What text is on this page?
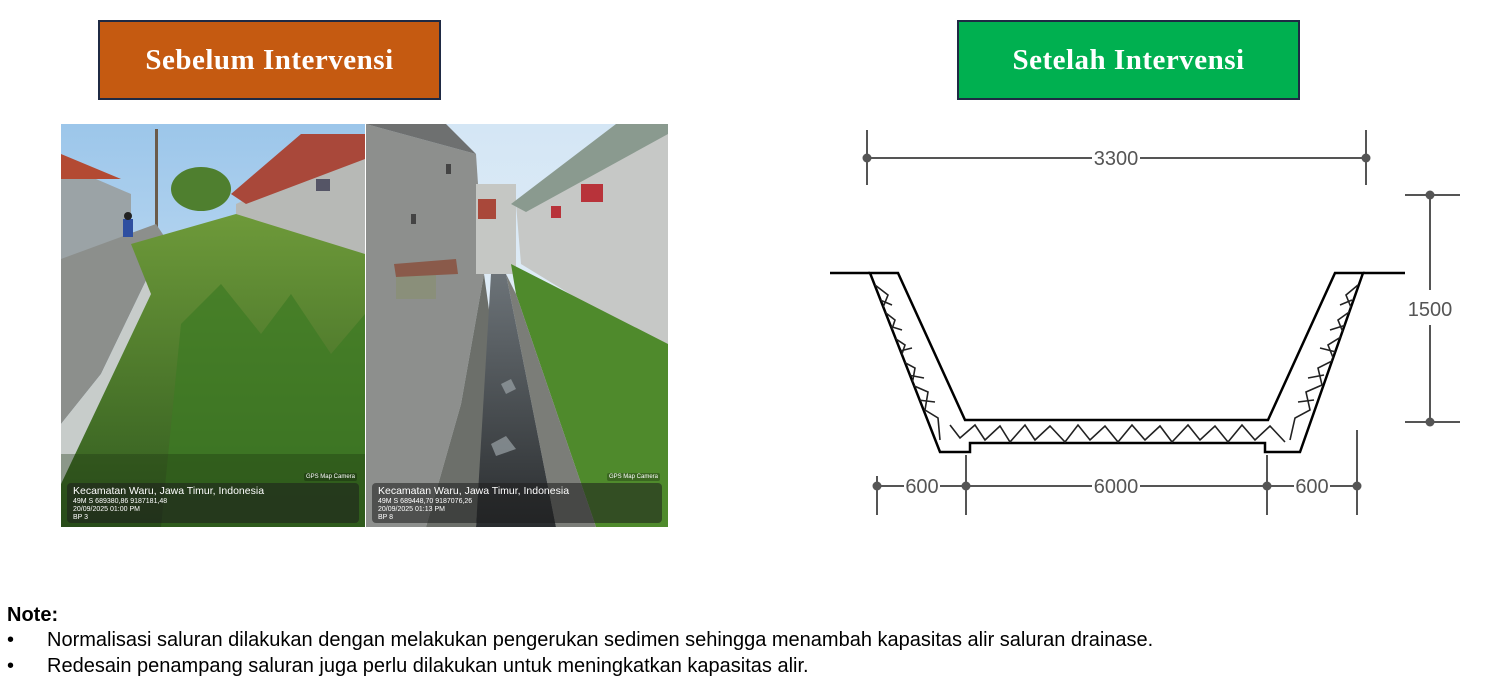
Sebelum Intervensi	Setelah Intervensi
GPS Map Camera
Kecamatan Waru, Jawa Timur, Indonesia
49M S 689380,86 9187181,48
20/09/2025 01:00 PM
BP 3
GPS Map Camera
Kecamatan Waru, Jawa Timur, Indonesia
49M S 689448,70 9187076,26
20/09/2025 01:13 PM
BP 8
3300
1500
600	6000	600
Note:
• Normalisasi saluran dilakukan dengan melakukan pengerukan sedimen sehingga menambah kapasitas alir saluran drainase.
• Redesain penampang saluran juga perlu dilakukan untuk meningkatkan kapasitas alir.
